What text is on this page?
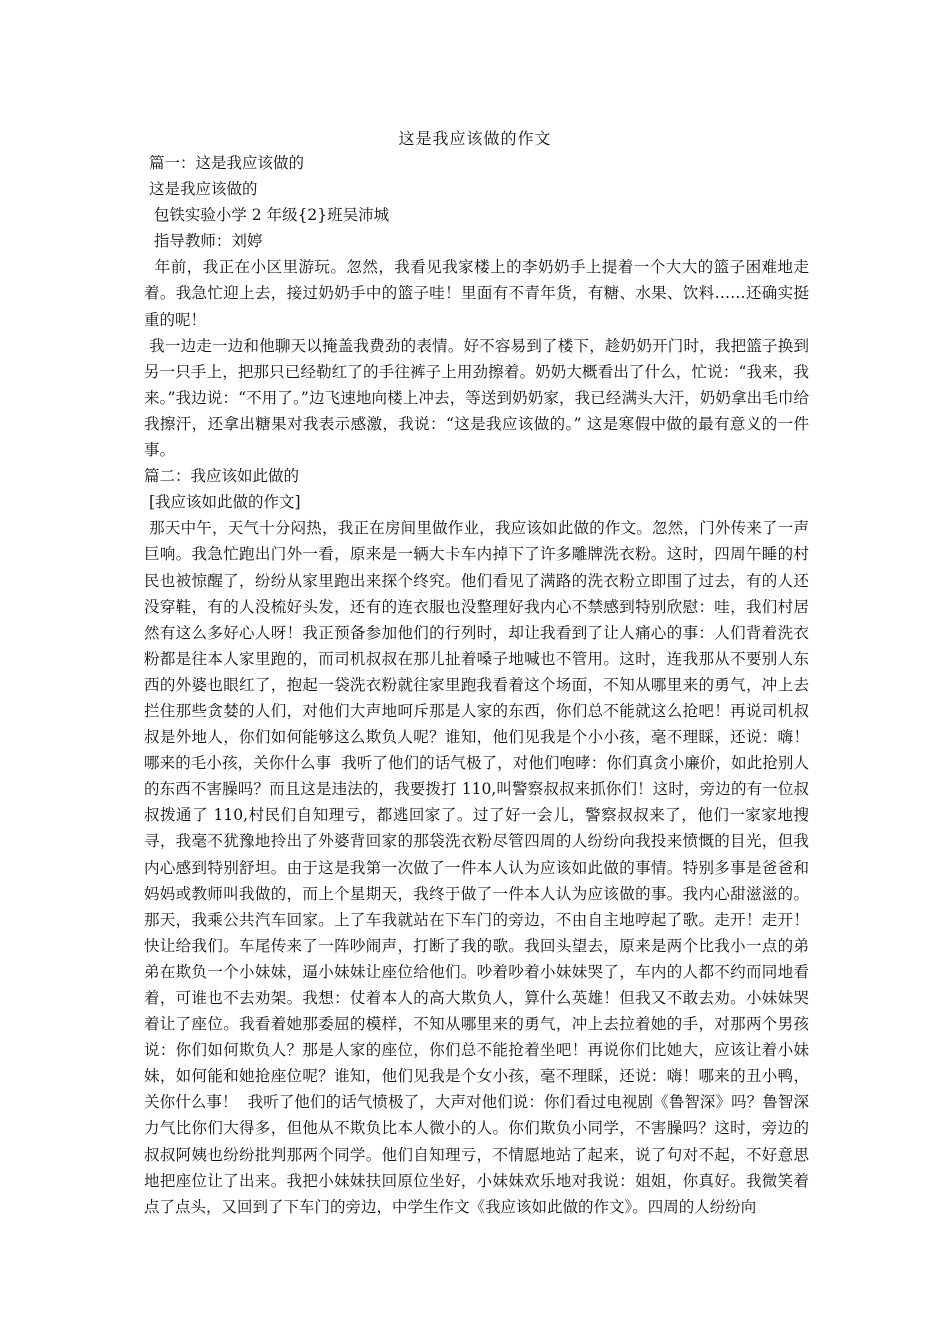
这是我应该做的作文

篇一：这是我应该做的

这是我应该做的

包铁实验小学 2 年级{2}班吴沛城

指导教师：刘婷

年前，我正在小区里游玩。忽然，我看见我家楼上的李奶奶手上提着一个大大的篮子困难地走着。我急忙迎上去，接过奶奶手中的篮子哇！里面有不青年货，有糖、水果、饮料……还确实挺重的呢！

我一边走一边和他聊天以掩盖我费劲的表情。好不容易到了楼下，趁奶奶开门时，我把篮子换到另一只手上，把那只已经勒红了的手往裤子上用劲擦着。奶奶大概看出了什么，忙说：“我来，我来。”我边说：“不用了。”边飞速地向楼上冲去，等送到奶奶家，我已经满头大汗，奶奶拿出毛巾给我擦汗，还拿出糖果对我表示感激，我说：“这是我应该做的。” 这是寒假中做的最有意义的一件事。

篇二：我应该如此做的

[我应该如此做的作文]

那天中午，天气十分闷热，我正在房间里做作业，我应该如此做的作文。忽然，门外传来了一声巨响。我急忙跑出门外一看，原来是一辆大卡车内掉下了许多雕牌洗衣粉。这时，四周午睡的村民也被惊醒了，纷纷从家里跑出来探个终究。他们看见了满路的洗衣粉立即围了过去，有的人还没穿鞋，有的人没梳好头发，还有的连衣服也没整理好我内心不禁感到特别欣慰：哇，我们村居然有这么多好心人呀！我正预备参加他们的行列时，却让我看到了让人痛心的事：人们背着洗衣粉都是往本人家里跑的，而司机叔叔在那儿扯着嗓子地喊也不管用。这时，连我那从不要别人东西的外婆也眼红了，抱起一袋洗衣粉就往家里跑我看着这个场面，不知从哪里来的勇气，冲上去拦住那些贪婪的人们，对他们大声地呵斥那是人家的东西，你们总不能就这么抢吧！再说司机叔叔是外地人，你们如何能够这么欺负人呢？谁知，他们见我是个小小孩，毫不理睬，还说：嗨！哪来的毛小孩，关你什么事  我听了他们的话气极了，对他们咆哮：你们真贪小廉价，如此抢别人的东西不害臊吗？而且这是违法的，我要拨打 110,叫警察叔叔来抓你们！这时，旁边的有一位叔叔拨通了 110,村民们自知理亏，都逃回家了。过了好一会儿，警察叔叔来了，他们一家家地搜寻，我毫不犹豫地拎出了外婆背回家的那袋洗衣粉尽管四周的人纷纷向我投来愤慨的目光，但我内心感到特别舒坦。由于这是我第一次做了一件本人认为应该如此做的事情。特别多事是爸爸和妈妈或教师叫我做的，而上个星期天，我终于做了一件本人认为应该做的事。我内心甜滋滋的。  那天，我乘公共汽车回家。上了车我就站在下车门的旁边，不由自主地哼起了歌。走开！走开！快让给我们。车尾传来了一阵吵闹声，打断了我的歌。我回头望去，原来是两个比我小一点的弟弟在欺负一个小妹妹，逼小妹妹让座位给他们。吵着吵着小妹妹哭了，车内的人都不约而同地看着，可谁也不去劝架。我想：仗着本人的高大欺负人，算什么英雄！但我又不敢去劝。小妹妹哭着让了座位。我看着她那委屈的模样，不知从哪里来的勇气，冲上去拉着她的手，对那两个男孩说：你们如何欺负人？那是人家的座位，你们总不能抢着坐吧！再说你们比她大，应该让着小妹妹，如何能和她抢座位呢？谁知，他们见我是个女小孩，毫不理睬，还说：嗨！哪来的丑小鸭，关你什么事！  我听了他们的话气愤极了，大声对他们说：你们看过电视剧《鲁智深》吗？鲁智深力气比你们大得多，但他从不欺负比本人微小的人。你们欺负小同学，不害臊吗？这时，旁边的叔叔阿姨也纷纷批判那两个同学。他们自知理亏，不情愿地站了起来，说了句对不起，不好意思地把座位让了出来。我把小妹妹扶回原位坐好，小妹妹欢乐地对我说：姐姐，你真好。我微笑着点了点头，又回到了下车门的旁边，中学生作文《我应该如此做的作文》。四周的人纷纷向
